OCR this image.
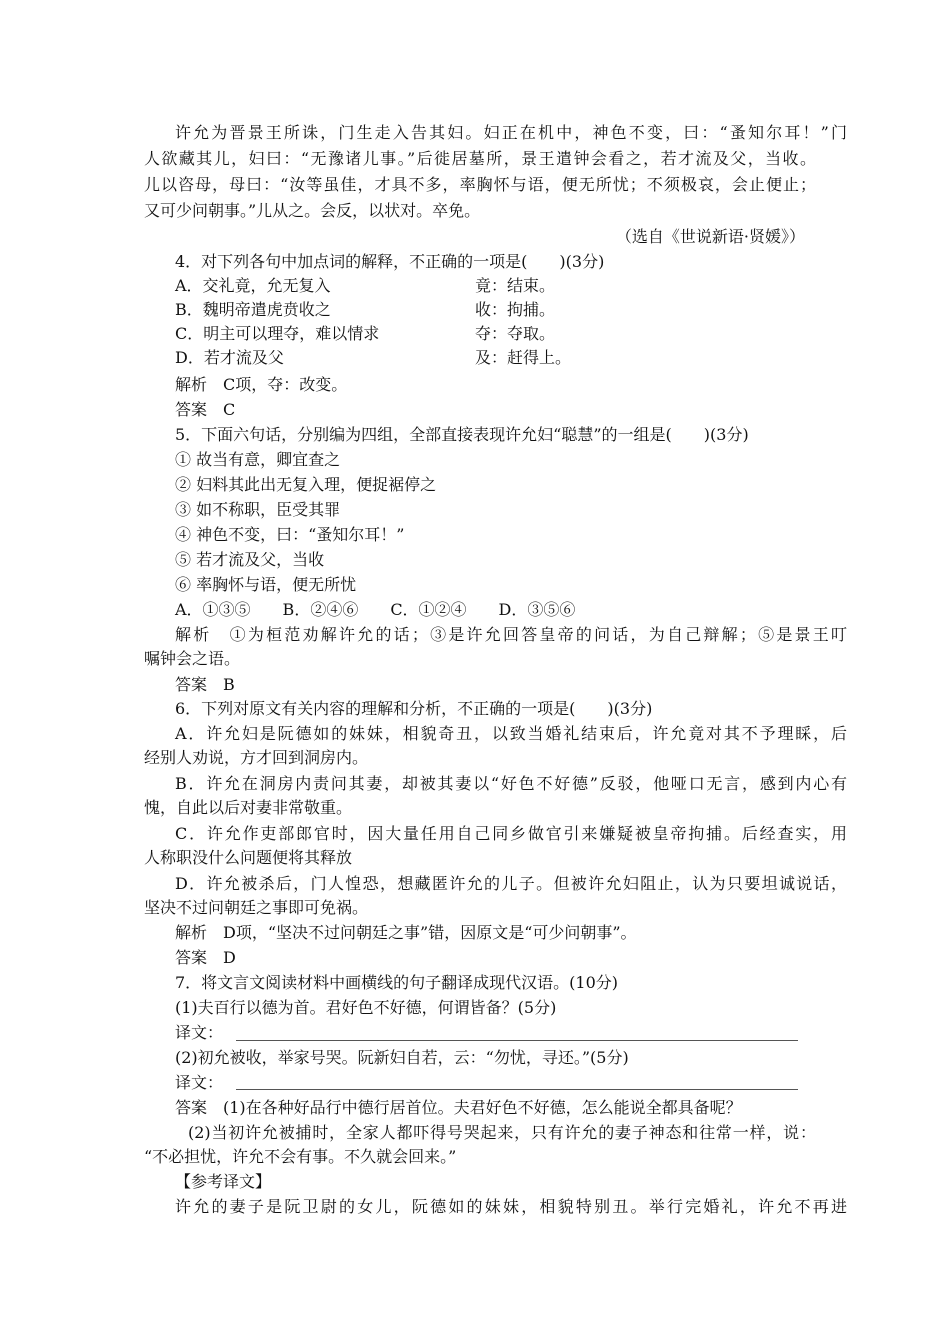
许允为晋景王所诛，门生走入告其妇。妇正在机中，神色不变，曰：“蚤知尔耳！”门
人欲藏其儿，妇曰：“无豫诸儿事。”后徙居墓所，景王遣钟会看之，若才流及父，当收。
儿以咨母，母曰：“汝等虽佳，才具不多，率胸怀与语，便无所忧；不须极哀，会止便止；
又可少问朝事。”儿从之。会反，以状对。卒免。
（选自《世说新语·贤媛》）
4．对下列各句中加点词的解释，不正确的一项是(　　)(3分)
A．交礼竟，允无复入	竟：结束。
B．魏明帝遣虎贲收之	收：拘捕。
C．明主可以理夺，难以情求	夺：夺取。
D．若才流及父	及：赶得上。
解析　C项，夺：改变。
答案　C
5．下面六句话，分别编为四组，全部直接表现许允妇“聪慧”的一组是(　　)(3分)
① 故当有意，卿宜查之
② 妇料其此出无复入理，便捉裾停之
③ 如不称职，臣受其罪
④ 神色不变，曰：“蚤知尔耳！”
⑤ 若才流及父，当收
⑥ 率胸怀与语，便无所忧
A．①③⑤　　B．②④⑥　　C．①②④　　D．③⑤⑥
解析　①为桓范劝解许允的话；③是许允回答皇帝的问话，为自己辩解；⑤是景王叮
嘱钟会之语。
答案　B
6．下列对原文有关内容的理解和分析，不正确的一项是(　　)(3分)
A．许允妇是阮德如的妹妹，相貌奇丑，以致当婚礼结束后，许允竟对其不予理睬，后
经别人劝说，方才回到洞房内。
B．许允在洞房内责问其妻，却被其妻以“好色不好德”反驳，他哑口无言，感到内心有
愧，自此以后对妻非常敬重。
C．许允作吏部郎官时，因大量任用自己同乡做官引来嫌疑被皇帝拘捕。后经查实，用
人称职没什么问题便将其释放
D．许允被杀后，门人惶恐，想藏匿许允的儿子。但被许允妇阻止，认为只要坦诚说话，
坚决不过问朝廷之事即可免祸。
解析　D项，“坚决不过问朝廷之事”错，因原文是“可少问朝事”。
答案　D
7．将文言文阅读材料中画横线的句子翻译成现代汉语。(10分)
(1)夫百行以德为首。君好色不好德，何谓皆备？(5分)
译文：
(2)初允被收，举家号哭。阮新妇自若，云：“勿忧，寻还。”(5分)
译文：
答案　(1)在各种好品行中德行居首位。夫君好色不好德，怎么能说全都具备呢？
(2)当初许允被捕时，全家人都吓得号哭起来，只有许允的妻子神态和往常一样，说：
“不必担忧，许允不会有事。不久就会回来。”
【参考译文】
许允的妻子是阮卫尉的女儿，阮德如的妹妹，相貌特别丑。举行完婚礼，许允不再进
